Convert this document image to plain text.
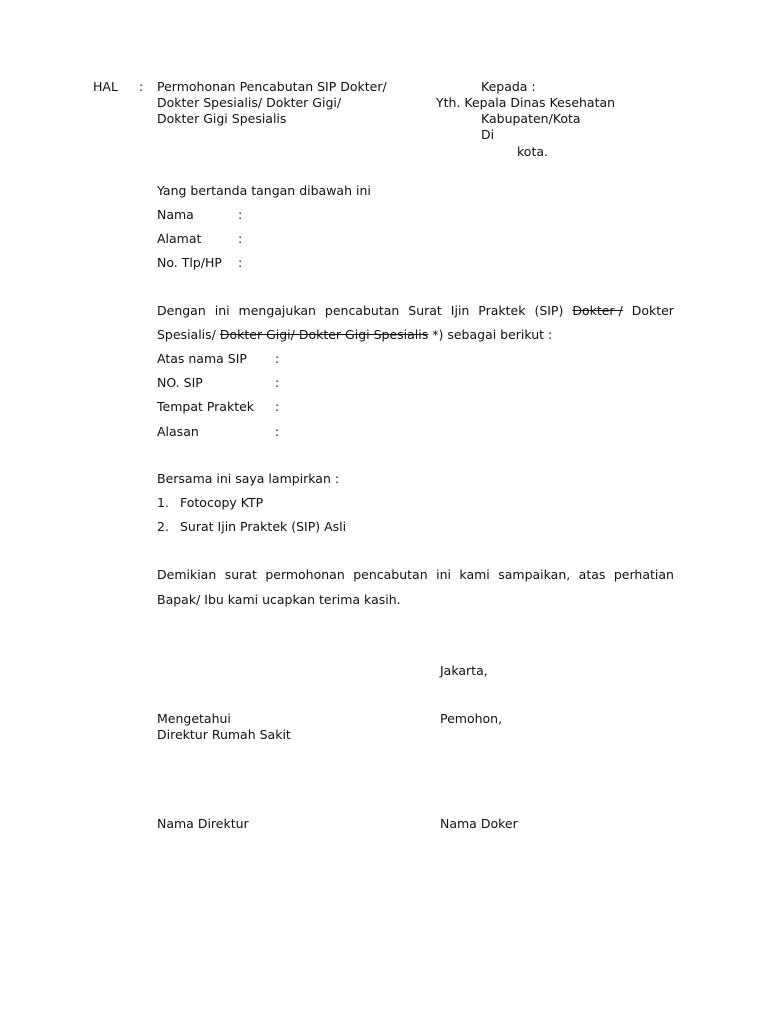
HAL : Permohonan Pencabutan SIP Dokter/
Dokter Spesialis/ Dokter Gigi/
Dokter Gigi Spesialis
Kepada :
Yth. Kepala Dinas Kesehatan
Kabupaten/Kota
Di
kota.
Yang bertanda tangan dibawah ini
Nama	:
Alamat	:
No. Tlp/HP :
Dengan ini mengajukan pencabutan Surat Ijin Praktek (SIP) Dokter / Dokter
Spesialis/ Dokter Gigi/ Dokter Gigi Spesialis *) sebagai berikut :
Atas nama SIP :
NO. SIP	:
Tempat Praktek :
Alasan	:
Bersama ini saya lampirkan :
1. Fotocopy KTP
2. Surat Ijin Praktek (SIP) Asli
Demikian surat permohonan pencabutan ini kami sampaikan, atas perhatian
Bapak/ Ibu kami ucapkan terima kasih.
Jakarta,
Mengetahui
Direktur Rumah Sakit
Pemohon,
Nama Direktur	Nama Doker
